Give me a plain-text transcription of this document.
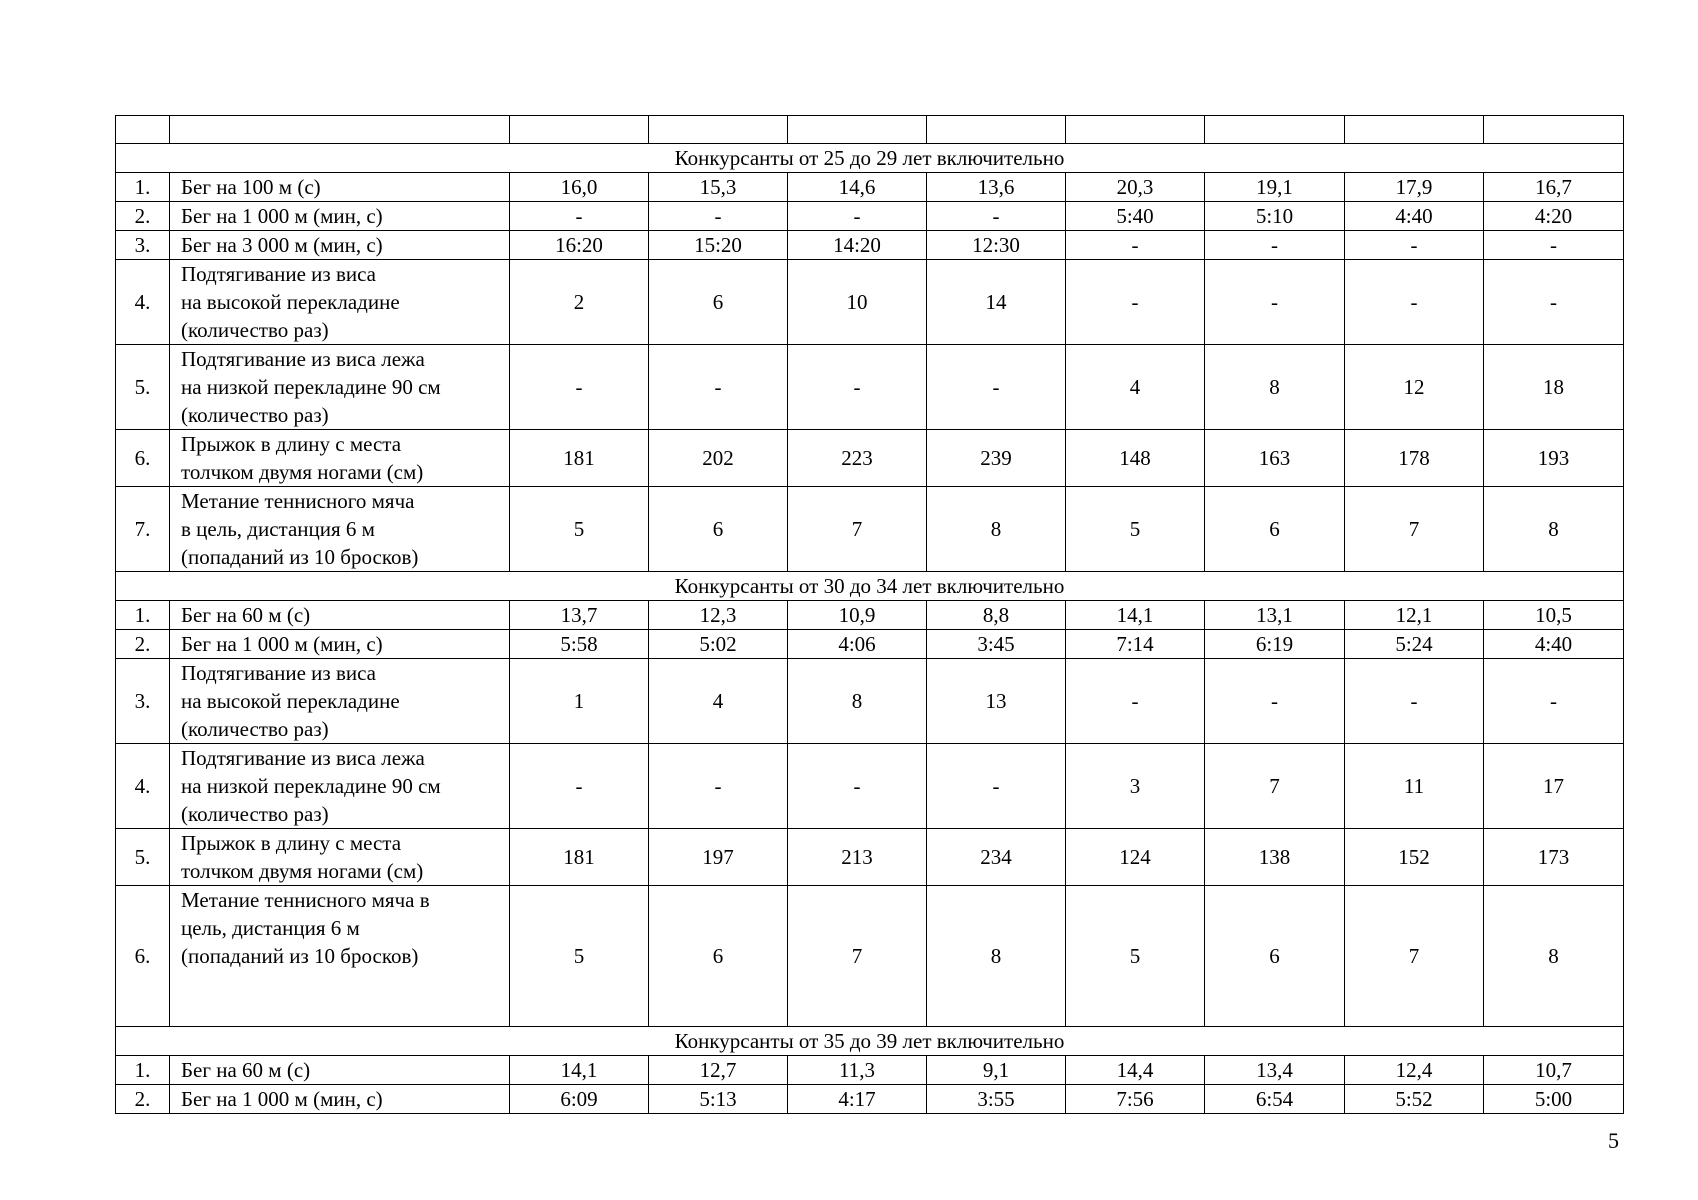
Конкурсанты от 25 до 29 лет включительно									
1.	Бег на 100 м (с)	16,0	15,3	14,6	13,6	20,3	19,1	17,9	16,7
2.	Бег на 1 000 м (мин, с)	-	-	-	-	5:40	5:10	4:40	4:20
3.	Бег на 3 000 м (мин, с)	16:20	15:20	14:20	12:30	-	-	-	-
4.	Подтягивание из виса
на высокой перекладине
(количество раз)	2	6	10	14	-	-	-	-
5.	Подтягивание из виса лежа
на низкой перекладине 90 см
(количество раз)	-	-	-	-	4	8	12	18
6.	Прыжок в длину с места
толчком двумя ногами (см)	181	202	223	239	148	163	178	193
7.	Метание теннисного мяча
в цель, дистанция 6 м
(попаданий из 10 бросков)	5	6	7	8	5	6	7	8
Конкурсанты от 30 до 34 лет включительно									
1.	Бег на 60 м (с)	13,7	12,3	10,9	8,8	14,1	13,1	12,1	10,5
2.	Бег на 1 000 м (мин, с)	5:58	5:02	4:06	3:45	7:14	6:19	5:24	4:40
3.	Подтягивание из виса
на высокой перекладине
(количество раз)	1	4	8	13	-	-	-	-
4.	Подтягивание из виса лежа
на низкой перекладине 90 см
(количество раз)	-	-	-	-	3	7	11	17
5.	Прыжок в длину с места
толчком двумя ногами (см)	181	197	213	234	124	138	152	173
6.	Метание теннисного мяча в
цель, дистанция 6 м
(попаданий из 10 бросков)	5	6	7	8	5	6	7	8
Конкурсанты от 35 до 39 лет включительно									
1.	Бег на 60 м (с)	14,1	12,7	11,3	9,1	14,4	13,4	12,4	10,7
2.	Бег на 1 000 м (мин, с)	6:09	5:13	4:17	3:55	7:56	6:54	5:52	5:00
5
